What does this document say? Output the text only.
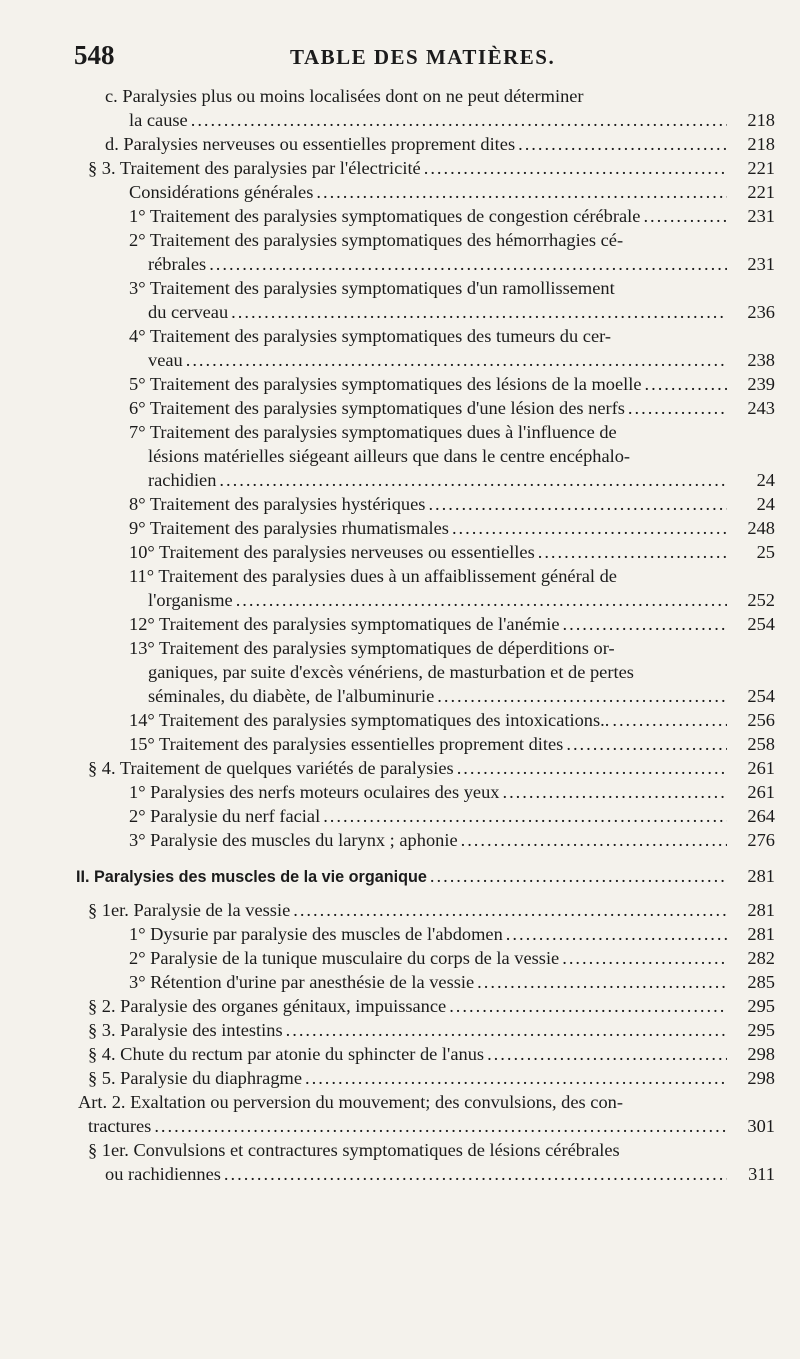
548	TABLE DES MATIÈRES.
c. Paralysies plus ou moins localisées dont on ne peut déterminer
la cause .....	218
d. Paralysies nerveuses ou essentielles proprement dites .....	218
§ 3. Traitement des paralysies par l'électricité .....	221
Considérations générales .....	221
1° Traitement des paralysies symptomatiques de congestion cérébrale .....	231
2° Traitement des paralysies symptomatiques des hémorrhagies cé-
rébrales .....	231
3° Traitement des paralysies symptomatiques d'un ramollissement
du cerveau .....	236
4° Traitement des paralysies symptomatiques des tumeurs du cer-
veau .....	238
5° Traitement des paralysies symptomatiques des lésions de la moelle .....	239
6° Traitement des paralysies symptomatiques d'une lésion des nerfs .....	243
7° Traitement des paralysies symptomatiques dues à l'influence de
lésions matérielles siégeant ailleurs que dans le centre encéphalo-
rachidien .....	24
8° Traitement des paralysies hystériques .....	24
9° Traitement des paralysies rhumatismales .....	248
10° Traitement des paralysies nerveuses ou essentielles .....	25
11° Traitement des paralysies dues à un affaiblissement général de
l'organisme .....	252
12° Traitement des paralysies symptomatiques de l'anémie .....	254
13° Traitement des paralysies symptomatiques de déperditions or-
ganiques, par suite d'excès vénériens, de masturbation et de pertes
séminales, du diabète, de l'albuminurie .....	254
14° Traitement des paralysies symptomatiques des intoxications.. .....	256
15° Traitement des paralysies essentielles proprement dites .....	258
§ 4. Traitement de quelques variétés de paralysies .....	261
1° Paralysies des nerfs moteurs oculaires des yeux .....	261
2° Paralysie du nerf facial .....	264
3° Paralysie des muscles du larynx ; aphonie .....	276
II. Paralysies des muscles de la vie organique .....	281
§ 1er. Paralysie de la vessie .....	281
1° Dysurie par paralysie des muscles de l'abdomen .....	281
2° Paralysie de la tunique musculaire du corps de la vessie .....	282
3° Rétention d'urine par anesthésie de la vessie .....	285
§ 2. Paralysie des organes génitaux, impuissance .....	295
§ 3. Paralysie des intestins .....	295
§ 4. Chute du rectum par atonie du sphincter de l'anus .....	298
§ 5. Paralysie du diaphragme .....	298
Art. 2. Exaltation ou perversion du mouvement; des convulsions, des con-
tractures .....	301
§ 1er. Convulsions et contractures symptomatiques de lésions cérébrales
ou rachidiennes .....	311
